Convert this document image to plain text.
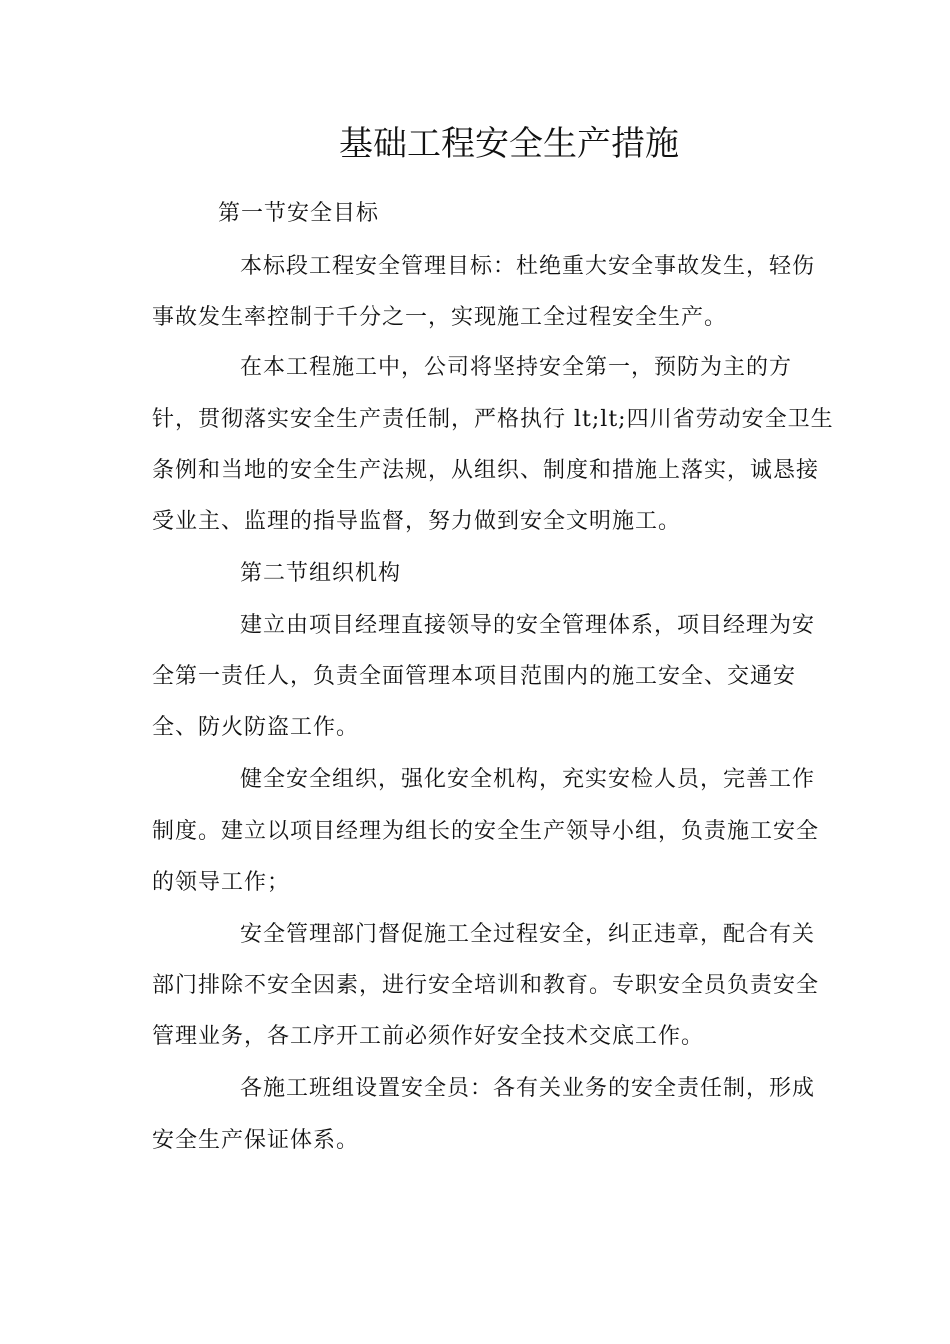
基础工程安全生产措施
第一节安全目标
本标段工程安全管理目标：杜绝重大安全事故发生，轻伤
事故发生率控制于千分之一，实现施工全过程安全生产。
在本工程施工中，公司将坚持安全第一，预防为主的方
针，贯彻落实安全生产责任制，严格执行 lt;lt;四川省劳动安全卫生
条例和当地的安全生产法规，从组织、制度和措施上落实，诚恳接
受业主、监理的指导监督，努力做到安全文明施工。
第二节组织机构
建立由项目经理直接领导的安全管理体系，项目经理为安
全第一责任人，负责全面管理本项目范围内的施工安全、交通安
全、防火防盗工作。
健全安全组织，强化安全机构，充实安检人员，完善工作
制度。建立以项目经理为组长的安全生产领导小组，负责施工安全
的领导工作；
安全管理部门督促施工全过程安全，纠正违章，配合有关
部门排除不安全因素，进行安全培训和教育。专职安全员负责安全
管理业务，各工序开工前必须作好安全技术交底工作。
各施工班组设置安全员：各有关业务的安全责任制，形成
安全生产保证体系。
